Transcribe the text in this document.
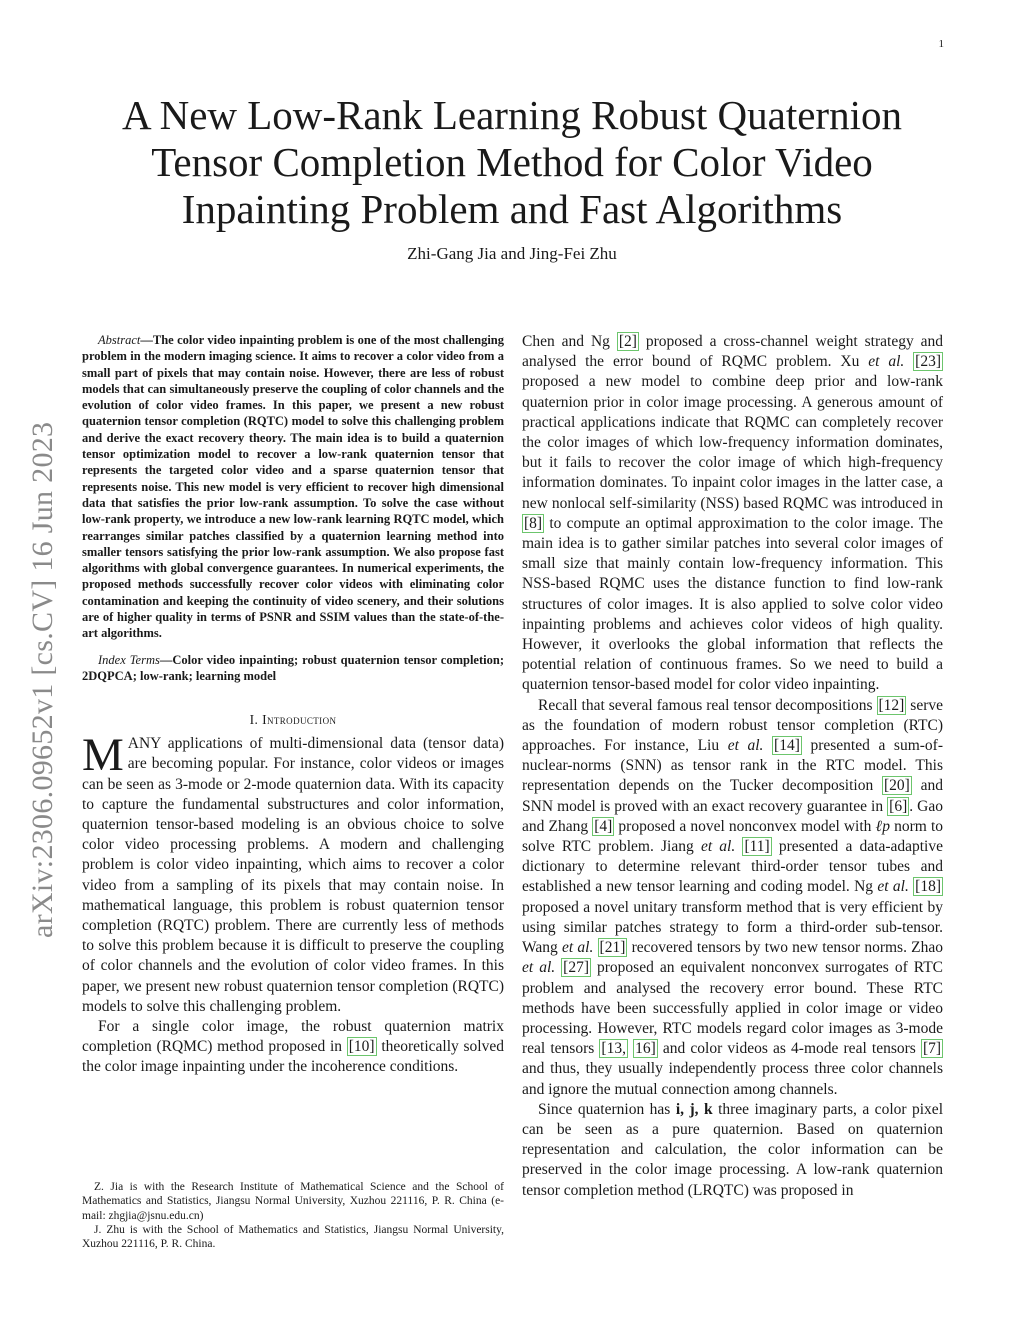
1
arXiv:2306.09652v1 [cs.CV] 16 Jun 2023
A New Low-Rank Learning Robust Quaternion Tensor Completion Method for Color Video Inpainting Problem and Fast Algorithms
Zhi-Gang Jia and Jing-Fei Zhu

Abstract—The color video inpainting problem is one of the most challenging problem in the modern imaging science. It aims to recover a color video from a small part of pixels that may contain noise. However, there are less of robust models that can simultaneously preserve the coupling of color channels and the evolution of color video frames. In this paper, we present a new robust quaternion tensor completion (RQTC) model to solve this challenging problem and derive the exact recovery theory. The main idea is to build a quaternion tensor optimization model to recover a low-rank quaternion tensor that represents the targeted color video and a sparse quaternion tensor that represents noise. This new model is very efficient to recover high dimensional data that satisfies the prior low-rank assumption. To solve the case without low-rank property, we introduce a new low-rank learning RQTC model, which rearranges similar patches classified by a quaternion learning method into smaller tensors satisfying the prior low-rank assumption. We also propose fast algorithms with global convergence guarantees. In numerical experiments, the proposed methods successfully recover color videos with eliminating color contamination and keeping the continuity of video scenery, and their solutions are of higher quality in terms of PSNR and SSIM values than the state-of-the-art algorithms.

Index Terms—Color video inpainting; robust quaternion tensor completion; 2DQPCA; low-rank; learning model

I. Introduction

MANY applications of multi-dimensional data (tensor data) are becoming popular. For instance, color videos or images can be seen as 3-mode or 2-mode quaternion data. With its capacity to capture the fundamental substructures and color information, quaternion tensor-based modeling is an obvious choice to solve color video processing problems. A modern and challenging problem is color video inpainting, which aims to recover a color video from a sampling of its pixels that may contain noise. In mathematical language, this problem is robust quaternion tensor completion (RQTC) problem. There are currently less of methods to solve this problem because it is difficult to preserve the coupling of color channels and the evolution of color video frames. In this paper, we present new robust quaternion tensor completion (RQTC) models to solve this challenging problem.

For a single color image, the robust quaternion matrix completion (RQMC) method proposed in [10] theoretically solved the color image inpainting under the incoherence conditions.

Z. Jia is with the Research Institute of Mathematical Science and the School of Mathematics and Statistics, Jiangsu Normal University, Xuzhou 221116, P. R. China (e-mail: zhgjia@jsnu.edu.cn)

J. Zhu is with the School of Mathematics and Statistics, Jiangsu Normal University, Xuzhou 221116, P. R. China.

Chen and Ng [2] proposed a cross-channel weight strategy and analysed the error bound of RQMC problem. Xu et al. [23] proposed a new model to combine deep prior and low-rank quaternion prior in color image processing. A generous amount of practical applications indicate that RQMC can completely recover the color images of which low-frequency information dominates, but it fails to recover the color image of which high-frequency information dominates. To inpaint color images in the latter case, a new nonlocal self-similarity (NSS) based RQMC was introduced in [8] to compute an optimal approximation to the color image. The main idea is to gather similar patches into several color images of small size that mainly contain low-frequency information. This NSS-based RQMC uses the distance function to find low-rank structures of color images. It is also applied to solve color video inpainting problems and achieves color videos of high quality. However, it overlooks the global information that reflects the potential relation of continuous frames. So we need to build a quaternion tensor-based model for color video inpainting.

Recall that several famous real tensor decompositions [12] serve as the foundation of modern robust tensor completion (RTC) approaches. For instance, Liu et al. [14] presented a sum-of-nuclear-norms (SNN) as tensor rank in the RTC model. This representation depends on the Tucker decomposition [20] and SNN model is proved with an exact recovery guarantee in [6] . Gao and Zhang [4] proposed a novel nonconvex model with ℓp norm to solve RTC problem. Jiang et al. [11] presented a data-adaptive dictionary to determine relevant third-order tensor tubes and established a new tensor learning and coding model. Ng et al. [18] proposed a novel unitary transform method that is very efficient by using similar patches strategy to form a third-order sub-tensor. Wang et al. [21] recovered tensors by two new tensor norms. Zhao et al. [27] proposed an equivalent nonconvex surrogates of RTC problem and analysed the recovery error bound. These RTC methods have been successfully applied in color image or video processing. However, RTC models regard color images as 3-mode real tensors [13, 16] and color videos as 4-mode real tensors [7] and thus, they usually independently process three color channels and ignore the mutual connection among channels.

Since quaternion has i, j, k three imaginary parts, a color pixel can be seen as a pure quaternion. Based on quaternion representation and calculation, the color information can be preserved in the color image processing. A low-rank quaternion tensor completion method (LRQTC) was proposed in
